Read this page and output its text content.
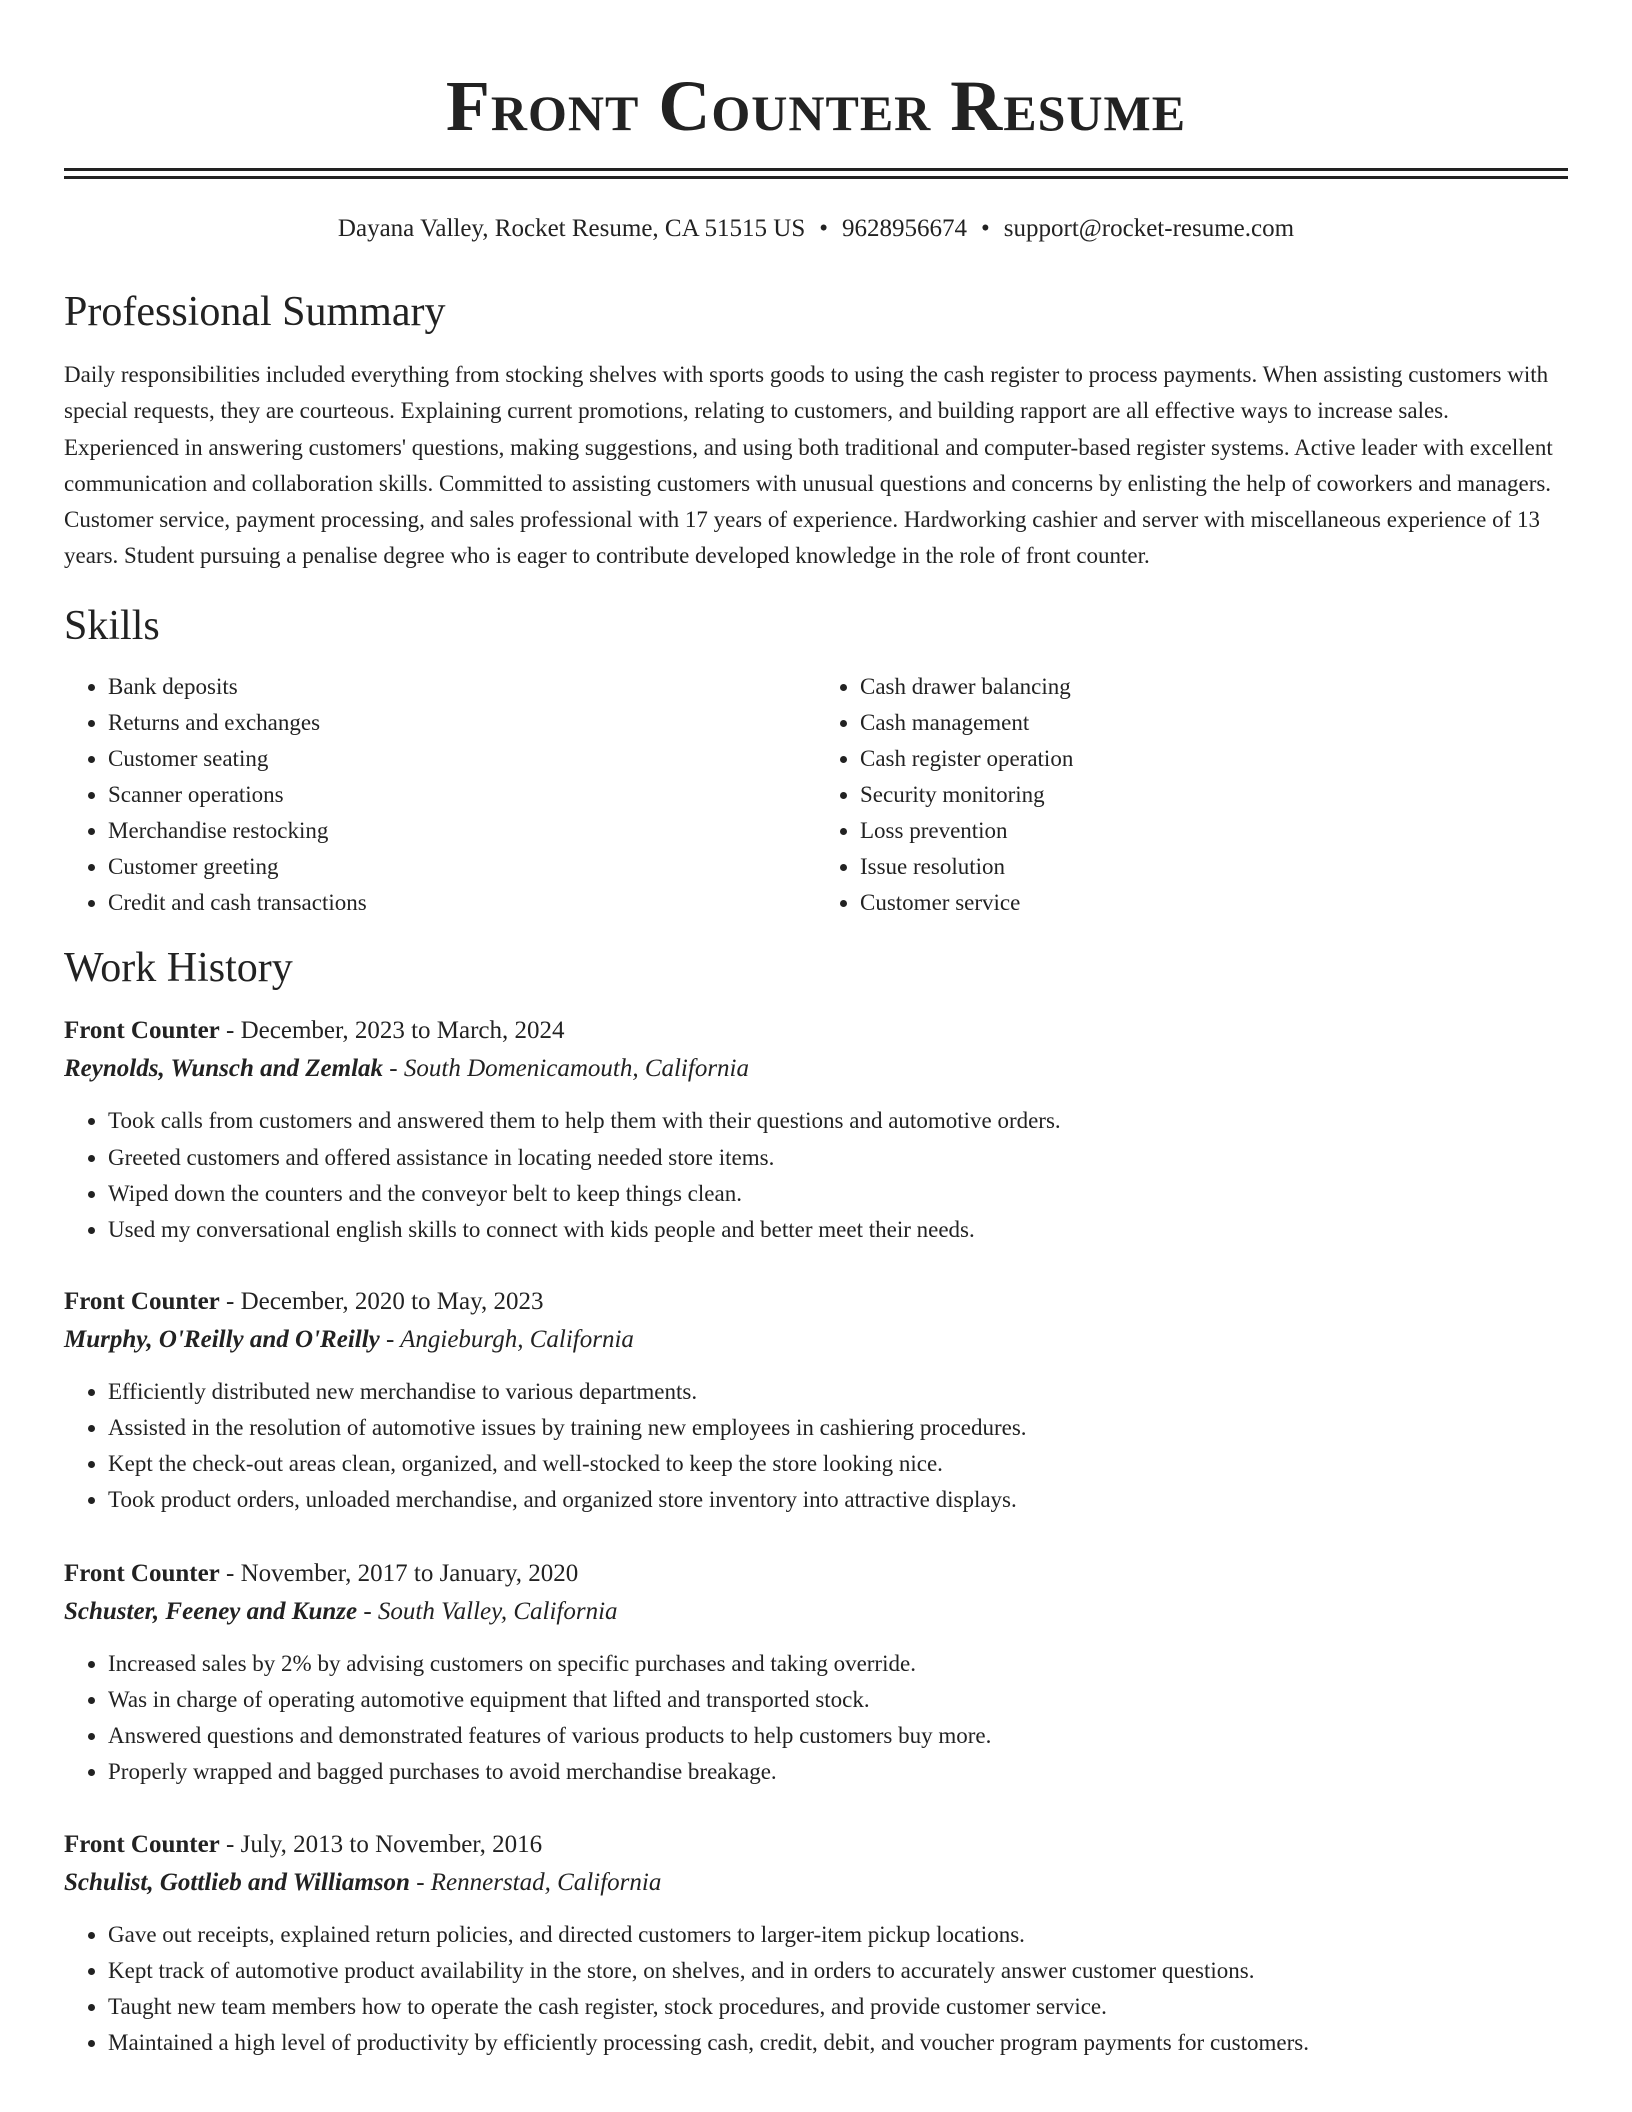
Front Counter Resume
Dayana Valley, Rocket Resume, CA 51515 US • 9628956674 • support@rocket-resume.com
Professional Summary
Daily responsibilities included everything from stocking shelves with sports goods to using the cash register to process payments. When assisting customers with special requests, they are courteous. Explaining current promotions, relating to customers, and building rapport are all effective ways to increase sales. Experienced in answering customers' questions, making suggestions, and using both traditional and computer-based register systems. Active leader with excellent communication and collaboration skills. Committed to assisting customers with unusual questions and concerns by enlisting the help of coworkers and managers. Customer service, payment processing, and sales professional with 17 years of experience. Hardworking cashier and server with miscellaneous experience of 13 years. Student pursuing a penalise degree who is eager to contribute developed knowledge in the role of front counter.
Skills
• Bank deposits
• Returns and exchanges
• Customer seating
• Scanner operations
• Merchandise restocking
• Customer greeting
• Credit and cash transactions
• Cash drawer balancing
• Cash management
• Cash register operation
• Security monitoring
• Loss prevention
• Issue resolution
• Customer service
Work History
Front Counter - December, 2023 to March, 2024
Reynolds, Wunsch and Zemlak - South Domenicamouth, California
• Took calls from customers and answered them to help them with their questions and automotive orders.
• Greeted customers and offered assistance in locating needed store items.
• Wiped down the counters and the conveyor belt to keep things clean.
• Used my conversational english skills to connect with kids people and better meet their needs.
Front Counter - December, 2020 to May, 2023
Murphy, O'Reilly and O'Reilly - Angieburgh, California
• Efficiently distributed new merchandise to various departments.
• Assisted in the resolution of automotive issues by training new employees in cashiering procedures.
• Kept the check-out areas clean, organized, and well-stocked to keep the store looking nice.
• Took product orders, unloaded merchandise, and organized store inventory into attractive displays.
Front Counter - November, 2017 to January, 2020
Schuster, Feeney and Kunze - South Valley, California
• Increased sales by 2% by advising customers on specific purchases and taking override.
• Was in charge of operating automotive equipment that lifted and transported stock.
• Answered questions and demonstrated features of various products to help customers buy more.
• Properly wrapped and bagged purchases to avoid merchandise breakage.
Front Counter - July, 2013 to November, 2016
Schulist, Gottlieb and Williamson - Rennerstad, California
• Gave out receipts, explained return policies, and directed customers to larger-item pickup locations.
• Kept track of automotive product availability in the store, on shelves, and in orders to accurately answer customer questions.
• Taught new team members how to operate the cash register, stock procedures, and provide customer service.
• Maintained a high level of productivity by efficiently processing cash, credit, debit, and voucher program payments for customers.
